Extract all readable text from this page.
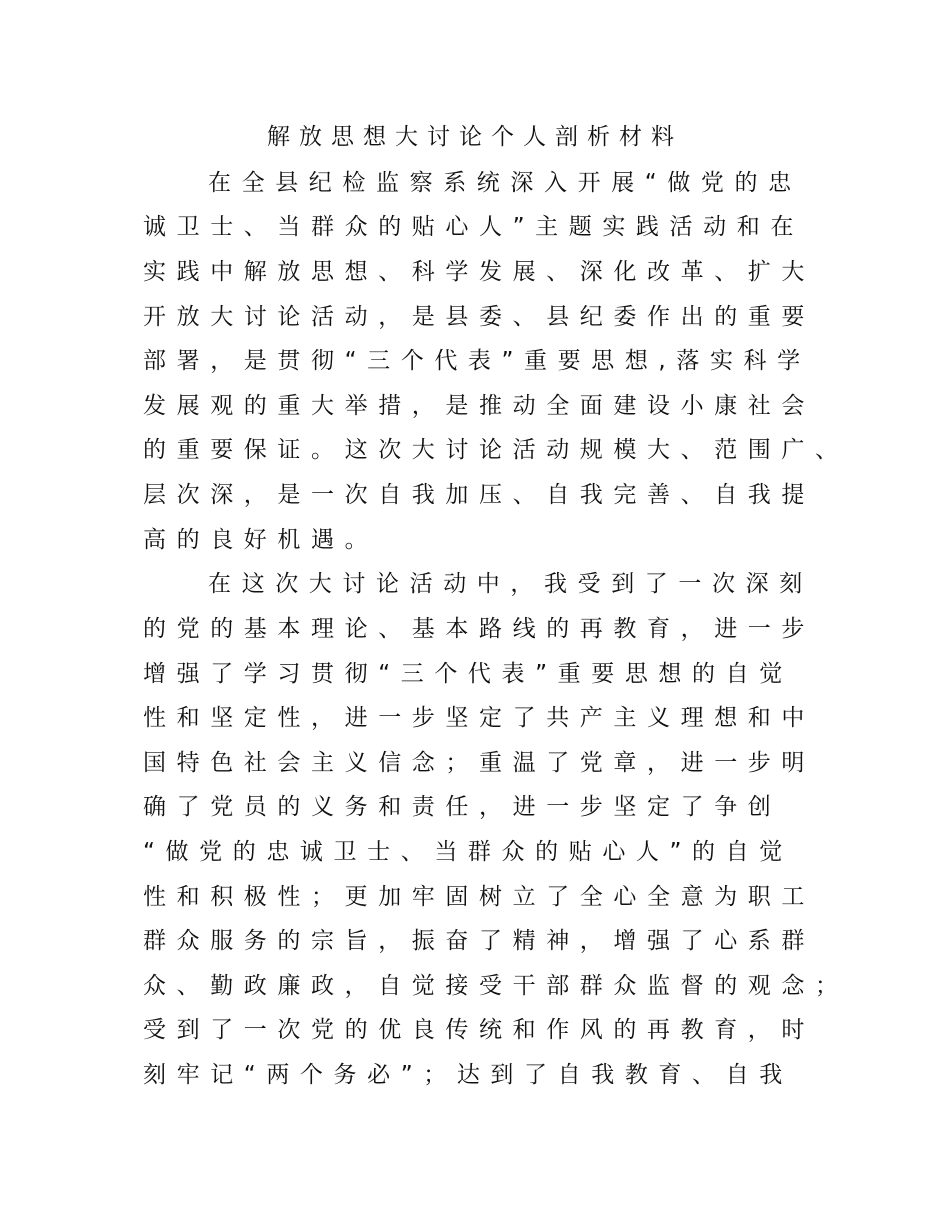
解放思想大讨论个人剖析材料
在全县纪检监察系统深入开展“做党的忠
诚卫士、当群众的贴心人”主题实践活动和在
实践中解放思想、科学发展、深化改革、扩大
开放大讨论活动，是县委、县纪委作出的重要
部署，是贯彻“三个代表”重要思想,落实科学
发展观的重大举措，是推动全面建设小康社会
的重要保证。这次大讨论活动规模大、范围广、
层次深，是一次自我加压、自我完善、自我提
高的良好机遇。
在这次大讨论活动中，我受到了一次深刻
的党的基本理论、基本路线的再教育，进一步
增强了学习贯彻“三个代表”重要思想的自觉
性和坚定性，进一步坚定了共产主义理想和中
国特色社会主义信念；重温了党章，进一步明
确了党员的义务和责任，进一步坚定了争创
“做党的忠诚卫士、当群众的贴心人”的自觉
性和积极性；更加牢固树立了全心全意为职工
群众服务的宗旨，振奋了精神，增强了心系群
众、勤政廉政，自觉接受干部群众监督的观念；
受到了一次党的优良传统和作风的再教育，时
刻牢记“两个务必”；达到了自我教育、自我
